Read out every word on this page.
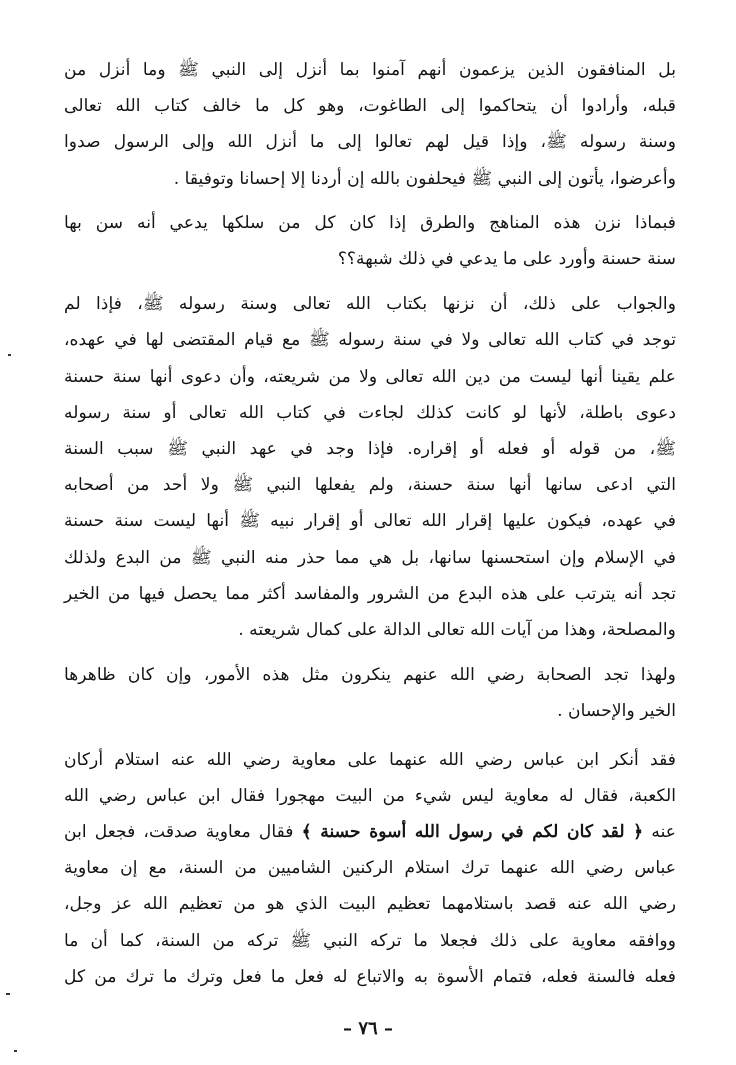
بل المنافقون الذين يزعمون أنهم آمنوا بما أنزل إلى النبي ﷺ وما أنزل من
قبله، وأرادوا أن يتحاكموا إلى الطاغوت، وهو كل ما خالف كتاب الله تعالى
وسنة رسوله ﷺ، وإذا قيل لهم تعالوا إلى ما أنزل الله وإلى الرسول صدوا
وأعرضوا، يأتون إلى النبي ﷺ فيحلفون بالله إن أردنا إلا إحسانا وتوفيقا .

فبماذا نزن هذه المناهج والطرق إذا كان كل من سلكها يدعي أنه سن بها
سنة حسنة وأورد على ما يدعي في ذلك شبهة؟؟

والجواب على ذلك، أن نزنها بكتاب الله تعالى وسنة رسوله ﷺ، فإذا لم
توجد في كتاب الله تعالى ولا في سنة رسوله ﷺ مع قيام المقتضى لها في عهده،
علم يقينا أنها ليست من دين الله تعالى ولا من شريعته، وأن دعوى أنها سنة حسنة
دعوى باطلة، لأنها لو كانت كذلك لجاءت في كتاب الله تعالى أو سنة رسوله
ﷺ، من قوله أو فعله أو إقراره. فإذا وجد في عهد النبي ﷺ سبب السنة
التي ادعى سانها أنها سنة حسنة، ولم يفعلها النبي ﷺ ولا أحد من أصحابه
في عهده، فيكون عليها إقرار الله تعالى أو إقرار نبيه ﷺ أنها ليست سنة حسنة
في الإسلام وإن استحسنها سانها، بل هي مما حذر منه النبي ﷺ من البدع ولذلك
تجد أنه يترتب على هذه البدع من الشرور والمفاسد أكثر مما يحصل فيها من الخير
والمصلحة، وهذا من آيات الله تعالى الدالة على كمال شريعته .

ولهذا تجد الصحابة رضي الله عنهم ينكرون مثل هذه الأمور، وإن كان ظاهرها
الخير والإحسان .

فقد أنكر ابن عباس رضي الله عنهما على معاوية رضي الله عنه استلام أركان
الكعبة، فقال له معاوية ليس شيء من البيت مهجورا فقال ابن عباس رضي الله
عنه ﴿ لقد كان لكم في رسول الله أسوة حسنة ﴾ فقال معاوية صدقت، فجعل ابن
عباس رضي الله عنهما ترك استلام الركنين الشاميين من السنة، مع إن معاوية
رضي الله عنه قصد باستلامهما تعظيم البيت الذي هو من تعظيم الله عز وجل،
ووافقه معاوية على ذلك فجعلا ما تركه النبي ﷺ تركه من السنة، كما أن ما
فعله فالسنة فعله، فتمام الأسوة به والاتباع له فعل ما فعل وترك ما ترك من كل

– ٧٦ –
